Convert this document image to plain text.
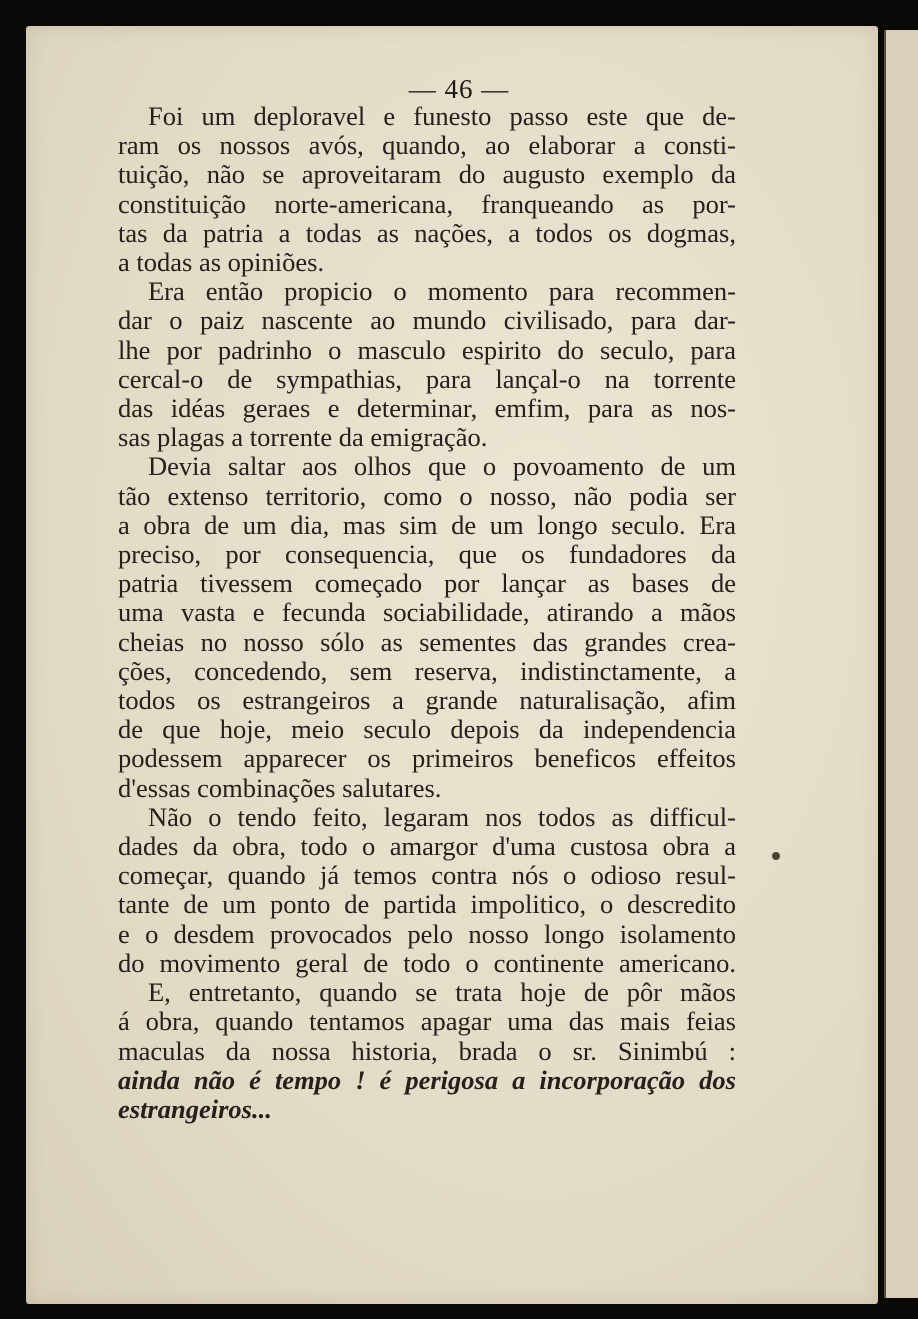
— 46 —
Foi um deploravel e funesto passo este que de-
ram os nossos avós, quando, ao elaborar a consti-
tuição, não se aproveitaram do augusto exemplo da
constituição norte-americana, franqueando as por-
tas da patria a todas as nações, a todos os dogmas,
a todas as opiniões.
Era então propicio o momento para recommen-
dar o paiz nascente ao mundo civilisado, para dar-
lhe por padrinho o masculo espirito do seculo, para
cercal-o de sympathias, para lançal-o na torrente
das idéas geraes e determinar, emfim, para as nos-
sas plagas a torrente da emigração.
Devia saltar aos olhos que o povoamento de um
tão extenso territorio, como o nosso, não podia ser
a obra de um dia, mas sim de um longo seculo. Era
preciso, por consequencia, que os fundadores da
patria tivessem começado por lançar as bases de
uma vasta e fecunda sociabilidade, atirando a mãos
cheias no nosso sólo as sementes das grandes crea-
ções, concedendo, sem reserva, indistinctamente, a
todos os estrangeiros a grande naturalisação, afim
de que hoje, meio seculo depois da independencia
podessem apparecer os primeiros beneficos effeitos
d'essas combinações salutares.
Não o tendo feito, legaram nos todos as difficul-
dades da obra, todo o amargor d'uma custosa obra a
começar, quando já temos contra nós o odioso resul-
tante de um ponto de partida impolitico, o descredito
e o desdem provocados pelo nosso longo isolamento
do movimento geral de todo o continente americano.
E, entretanto, quando se trata hoje de pôr mãos
á obra, quando tentamos apagar uma das mais feias
maculas da nossa historia, brada o sr. Sinimbú :
ainda não é tempo ! é perigosa a incorporação dos
estrangeiros...
